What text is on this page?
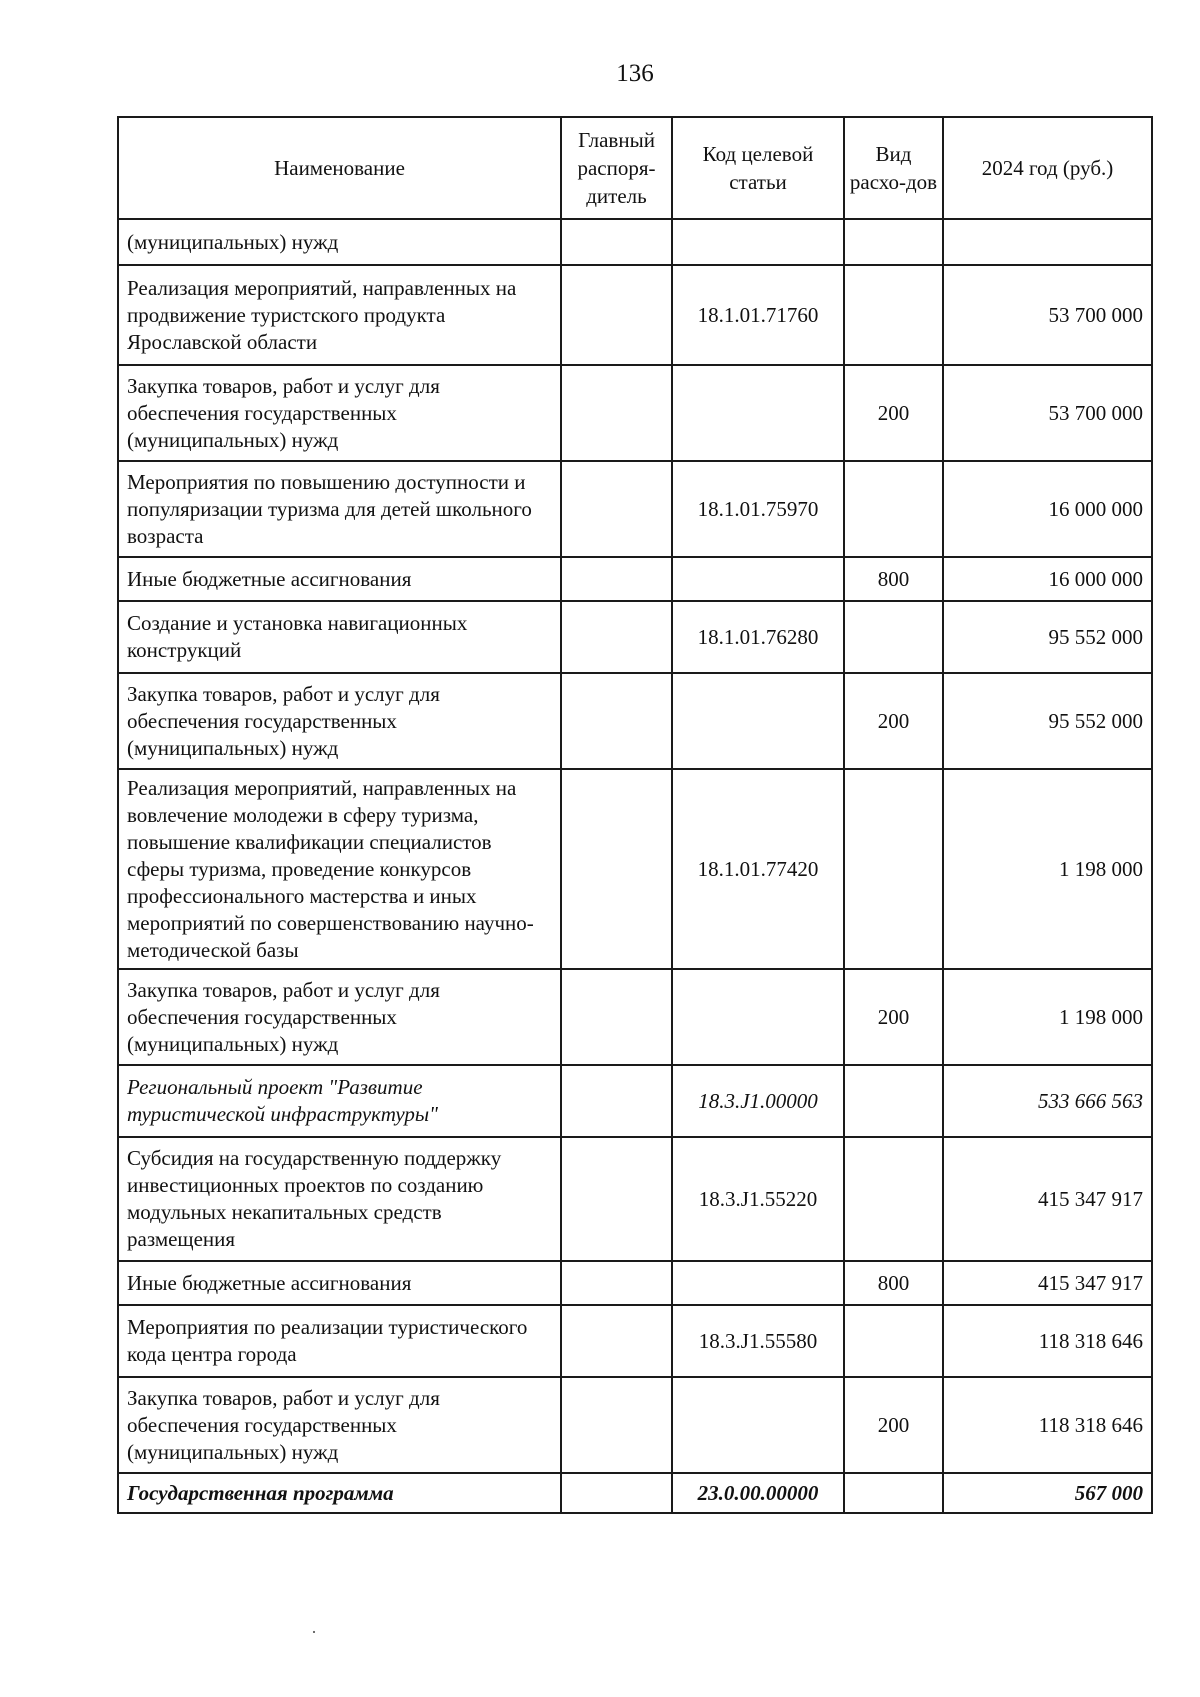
136
Наименование	Главный распоря-дитель	Код целевой статьи	Вид расхо-дов	2024 год (руб.)
(муниципальных) нужд				
Реализация мероприятий, направленных на продвижение туристского продукта Ярославской области		18.1.01.71760		53 700 000
Закупка товаров, работ и услуг для обеспечения государственных (муниципальных) нужд			200	53 700 000
Мероприятия по повышению доступности и популяризации туризма для детей школьного возраста		18.1.01.75970		16 000 000
Иные бюджетные ассигнования			800	16 000 000
Создание и установка навигационных конструкций		18.1.01.76280		95 552 000
Закупка товаров, работ и услуг для обеспечения государственных (муниципальных) нужд			200	95 552 000
Реализация мероприятий, направленных на вовлечение молодежи в сферу туризма, повышение квалификации специалистов сферы туризма, проведение конкурсов профессионального мастерства и иных мероприятий по совершенствованию научно-методической базы		18.1.01.77420		1 198 000
Закупка товаров, работ и услуг для обеспечения государственных (муниципальных) нужд			200	1 198 000
Региональный проект "Развитие туристической инфраструктуры"		18.3.J1.00000		533 666 563
Субсидия на государственную поддержку инвестиционных проектов по созданию модульных некапитальных средств размещения		18.3.J1.55220		415 347 917
Иные бюджетные ассигнования			800	415 347 917
Мероприятия по реализации туристического кода центра города		18.3.J1.55580		118 318 646
Закупка товаров, работ и услуг для обеспечения государственных (муниципальных) нужд			200	118 318 646
Государственная программа		23.0.00.00000		567 000
·
